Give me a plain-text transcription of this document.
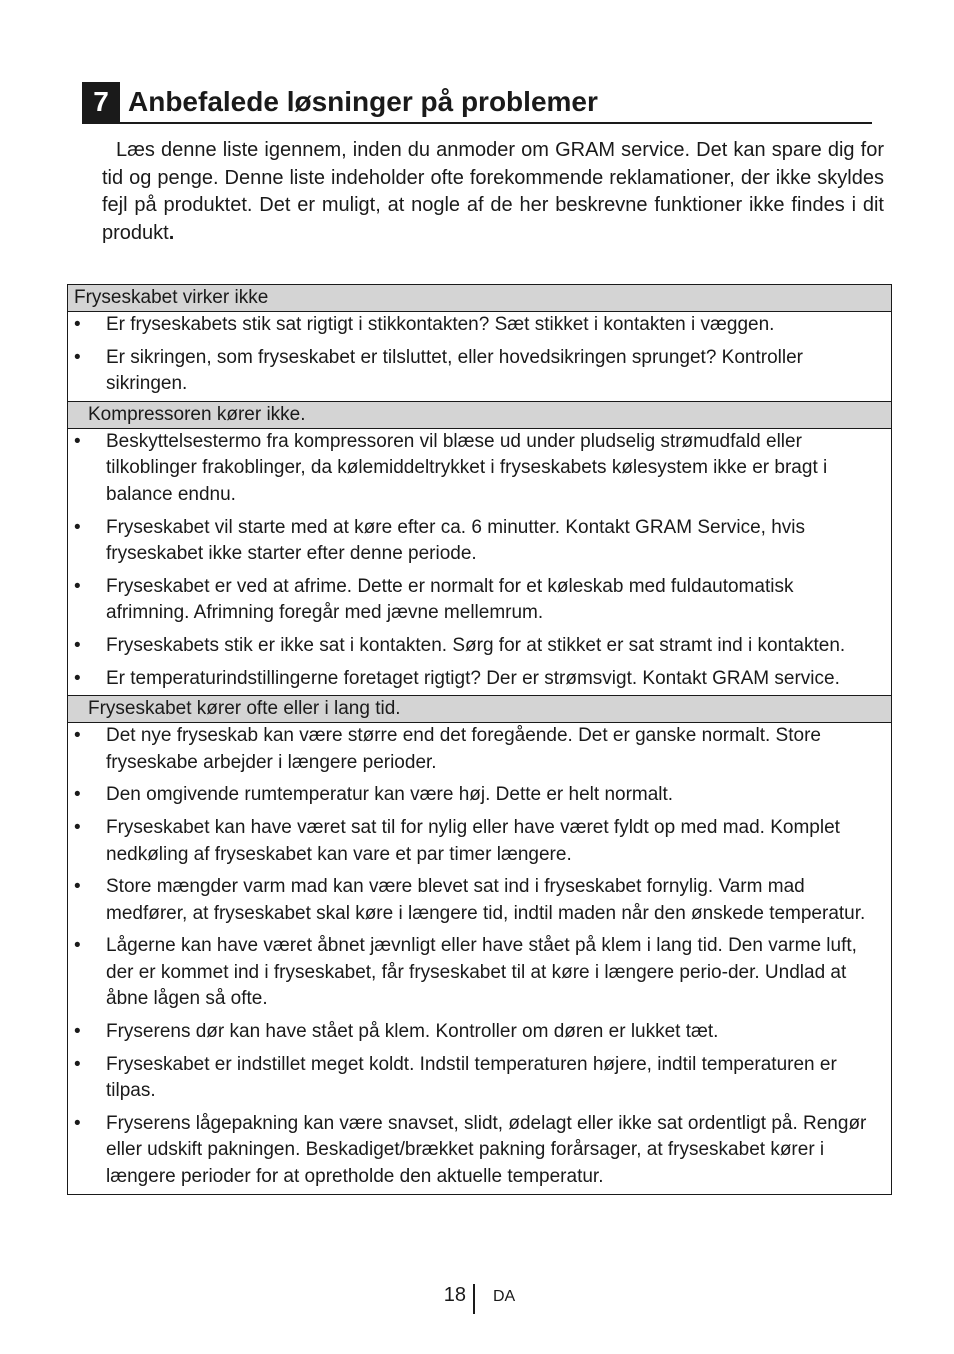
7 Anbefalede løsninger på problemer

Læs denne liste igennem, inden du anmoder om GRAM service. Det kan spare dig for tid og penge. Denne liste indeholder ofte forekommende reklamationer, der ikke skyldes fejl på produktet. Det er muligt, at nogle af de her beskrevne funktioner ikke findes i dit produkt.

Fryseskabet virker ikke
• Er fryseskabets stik sat rigtigt i stikkontakten? Sæt stikket i kontakten i væggen.
• Er sikringen, som fryseskabet er tilsluttet, eller hovedsikringen sprunget? Kontroller sikringen.
Kompressoren kører ikke.
• Beskyttelsestermo fra kompressoren vil blæse ud under pludselig strømudfald eller tilkoblinger frakoblinger, da kølemiddeltrykket i fryseskabets kølesystem ikke er bragt i balance endnu.
• Fryseskabet vil starte med at køre efter ca. 6 minutter. Kontakt GRAM Service, hvis fryseskabet ikke starter efter denne periode.
• Fryseskabet er ved at afrime. Dette er normalt for et køleskab med fuldautomatisk afrimning. Afrimning foregår med jævne mellemrum.
• Fryseskabets stik er ikke sat i kontakten. Sørg for at stikket er sat stramt ind i kontakten.
• Er temperaturindstillingerne foretaget rigtigt? Der er strømsvigt. Kontakt GRAM service.
Fryseskabet kører ofte eller i lang tid.
• Det nye fryseskab kan være større end det foregående. Det er ganske normalt. Store fryseskabe arbejder i længere perioder.
• Den omgivende rumtemperatur kan være høj. Dette er helt normalt.
• Fryseskabet kan have været sat til for nylig eller have været fyldt op med mad. Komplet nedkøling af fryseskabet kan vare et par timer længere.
• Store mængder varm mad kan være blevet sat ind i fryseskabet fornylig. Varm mad medfører, at fryseskabet skal køre i længere tid, indtil maden når den ønskede temperatur.
• Lågerne kan have været åbnet jævnligt eller have stået på klem i lang tid. Den varme luft, der er kommet ind i fryseskabet, får fryseskabet til at køre i længere perio-der. Undlad at åbne lågen så ofte.
• Fryserens dør kan have stået på klem. Kontroller om døren er lukket tæt.
• Fryseskabet er indstillet meget koldt. Indstil temperaturen højere, indtil temperaturen er tilpas.
• Fryserens lågepakning kan være snavset, slidt, ødelagt eller ikke sat ordentligt på. Rengør eller udskift pakningen. Beskadiget/brækket pakning forårsager, at fryseskabet kører i længere perioder for at opretholde den aktuelle temperatur.
18 DA
